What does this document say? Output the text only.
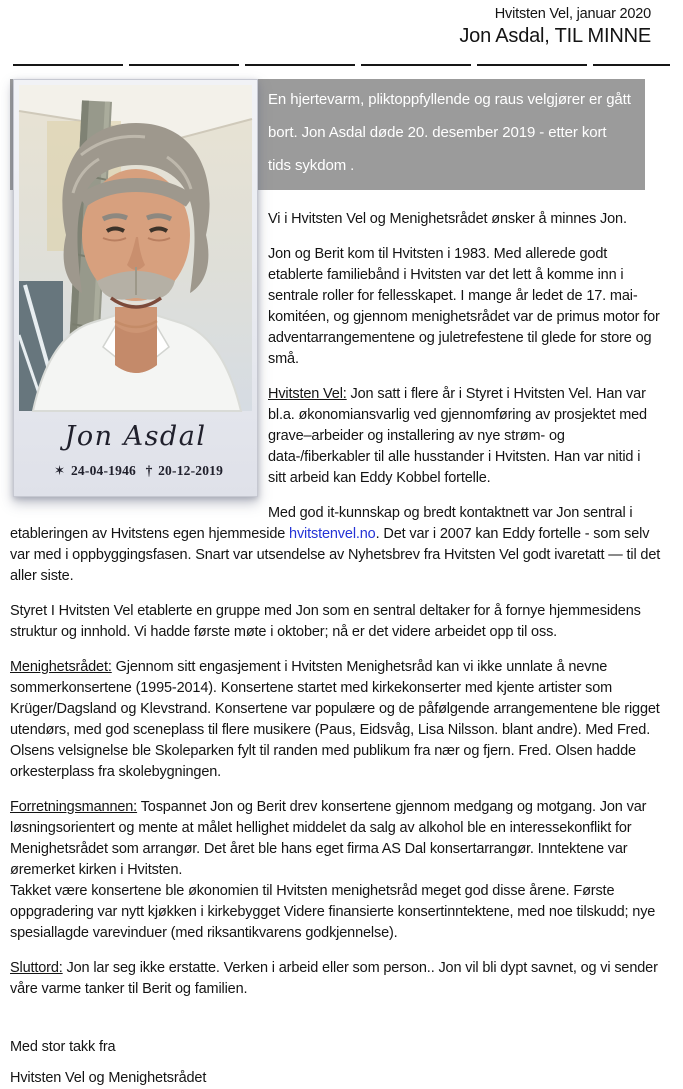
Hvitsten Vel, januar 2020
Jon Asdal, TIL MINNE
Jon Asdal
✶ 24-04-1946 † 20-12-2019

En hjertevarm, pliktoppfyllende og raus velgjører er gått bort. Jon Asdal døde 20. desember 2019 - etter kort tids sykdom .

Vi i Hvitsten Vel og Menighetsrådet ønsker å minnes Jon.

Jon og Berit kom til Hvitsten i 1983. Med allerede godt etablerte familiebånd i Hvitsten var det lett å komme inn i sentrale roller for fellesskapet. I mange år ledet de 17. mai-komitéen, og gjennom menighetsrådet var de primus motor for adventarrangementene og juletrefestene til glede for store og små.

Hvitsten Vel: Jon satt i flere år i Styret i Hvitsten Vel. Han var bl.a. økonomiansvarlig ved gjennomføring av prosjektet med grave–arbeider og installering av nye strøm- og data-/fiberkabler til alle husstander i Hvitsten. Han var nitid i sitt arbeid kan Eddy Kobbel fortelle.

Med god it-kunnskap og bredt kontaktnett var Jon sentral i etableringen av Hvitstens egen hjemmeside hvitstenvel.no. Det var i 2007 kan Eddy fortelle - som selv var med i oppbyggingsfasen. Snart var utsendelse av Nyhetsbrev fra Hvitsten Vel godt ivaretatt — til det aller siste.

Styret I Hvitsten Vel etablerte en gruppe med Jon som en sentral deltaker for å fornye hjemmesidens struktur og innhold. Vi hadde første møte i oktober; nå er det videre arbeidet opp til oss.

Menighetsrådet: Gjennom sitt engasjement i Hvitsten Menighetsråd kan vi ikke unnlate å nevne sommerkonsertene (1995-2014). Konsertene startet med kirkekonserter med kjente artister som Krüger/Dagsland og Klevstrand. Konsertene var populære og de påfølgende arrangementene ble rigget utendørs, med god sceneplass til flere musikere (Paus, Eidsvåg, Lisa Nilsson. blant andre). Med Fred. Olsens velsignelse ble Skoleparken fylt til randen med publikum fra nær og fjern. Fred. Olsen hadde orkesterplass fra skolebygningen.

Forretningsmannen: Tospannet Jon og Berit drev konsertene gjennom medgang og motgang. Jon var løsningsorientert og mente at målet hellighet middelet da salg av alkohol ble en interessekonflikt for Menighetsrådet som arrangør. Det året ble hans eget firma AS Dal konsertarrangør. Inntektene var øremerket kirken i Hvitsten.

Takket være konsertene ble økonomien til Hvitsten menighetsråd meget god disse årene. Første oppgradering var nytt kjøkken i kirkebygget Videre finansierte konsertinntektene, med noe tilskudd; nye spesiallagde varevinduer (med riksantikvarens godkjennelse).

Sluttord: Jon lar seg ikke erstatte. Verken i arbeid eller som person.. Jon vil bli dypt savnet, og vi sender våre varme tanker til Berit og familien.

Med stor takk fra

Hvitsten Vel og Menighetsrådet
